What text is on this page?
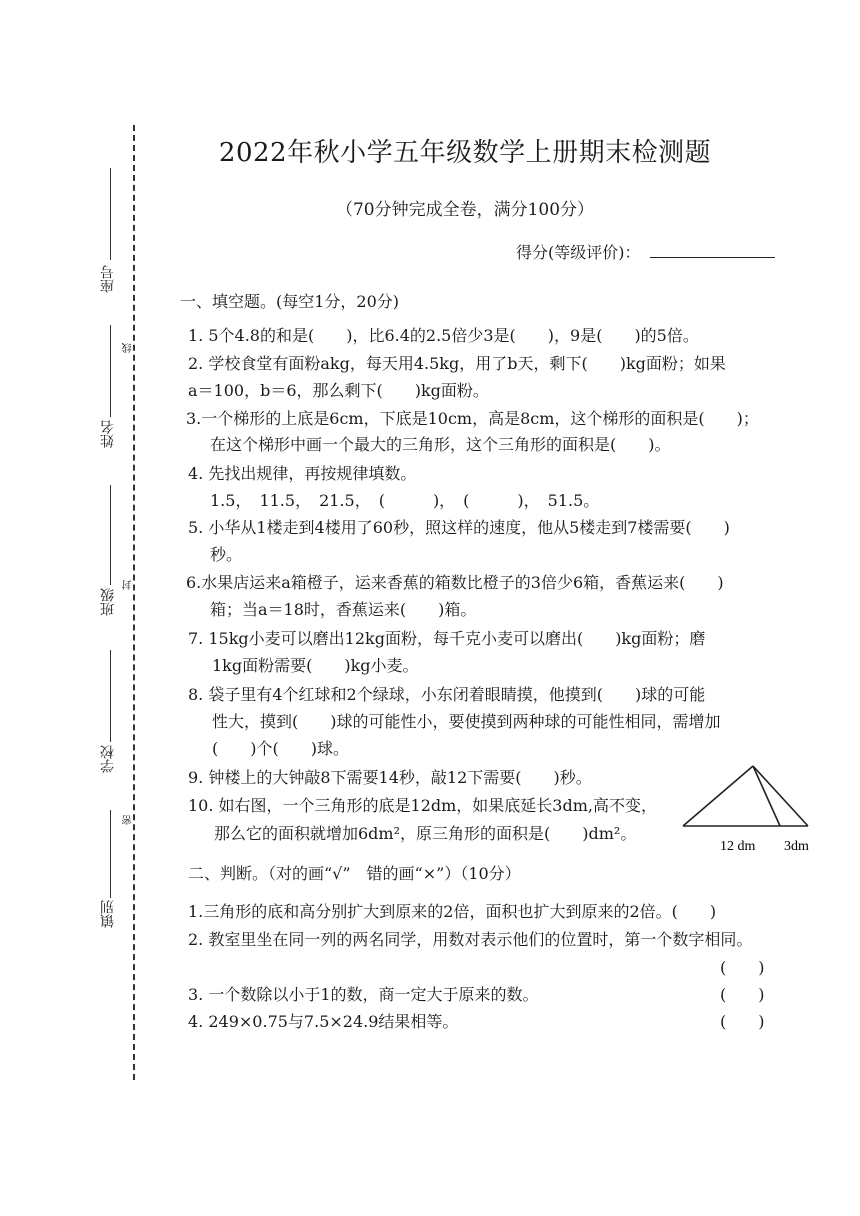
座号
姓名
线
班级
封
学校
密
镇别
2022年秋小学五年级数学上册期末检测题
（70分钟完成全卷，满分100分）
得分(等级评价)：
一、填空题。(每空1分，20分)
1. 5个4.8的和是(　　)，比6.4的2.5倍少3是(　　)，9是(　　)的5倍。
2. 学校食堂有面粉akg，每天用4.5kg，用了b天，剩下(　　)kg面粉；如果
a＝100，b＝6，那么剩下(　　)kg面粉。
3.一个梯形的上底是6cm，下底是10cm，高是8cm，这个梯形的面积是(　　)；
在这个梯形中画一个最大的三角形，这个三角形的面积是(　　)。
4. 先找出规律，再按规律填数。
1.5，　11.5，　21.5，　(　　　)，　(　　　)，　51.5。
5. 小华从1楼走到4楼用了60秒，照这样的速度，他从5楼走到7楼需要(　　)
秒。
6.水果店运来a箱橙子，运来香蕉的箱数比橙子的3倍少6箱，香蕉运来(　　)
箱；当a＝18时，香蕉运来(　　)箱。
7. 15kg小麦可以磨出12kg面粉，每千克小麦可以磨出(　　)kg面粉；磨
1kg面粉需要(　　)kg小麦。
8. 袋子里有4个红球和2个绿球，小东闭着眼睛摸，他摸到(　　)球的可能
性大，摸到(　　)球的可能性小，要使摸到两种球的可能性相同，需增加
(　　)个(　　)球。
9. 钟楼上的大钟敲8下需要14秒，敲12下需要(　　)秒。
10. 如右图，一个三角形的底是12dm，如果底延长3dm,高不变，
那么它的面积就增加6dm²，原三角形的面积是(　　)dm²。
12 dm 3dm
二、判断。（对的画“√”　错的画“×”）（10分）
1.三角形的底和高分别扩大到原来的2倍，面积也扩大到原来的2倍。(　　)
2. 教室里坐在同一列的两名同学，用数对表示他们的位置时，第一个数字相同。
(　　)
3. 一个数除以小于1的数，商一定大于原来的数。	(　　)
4. 249×0.75与7.5×24.9结果相等。	(　　)
